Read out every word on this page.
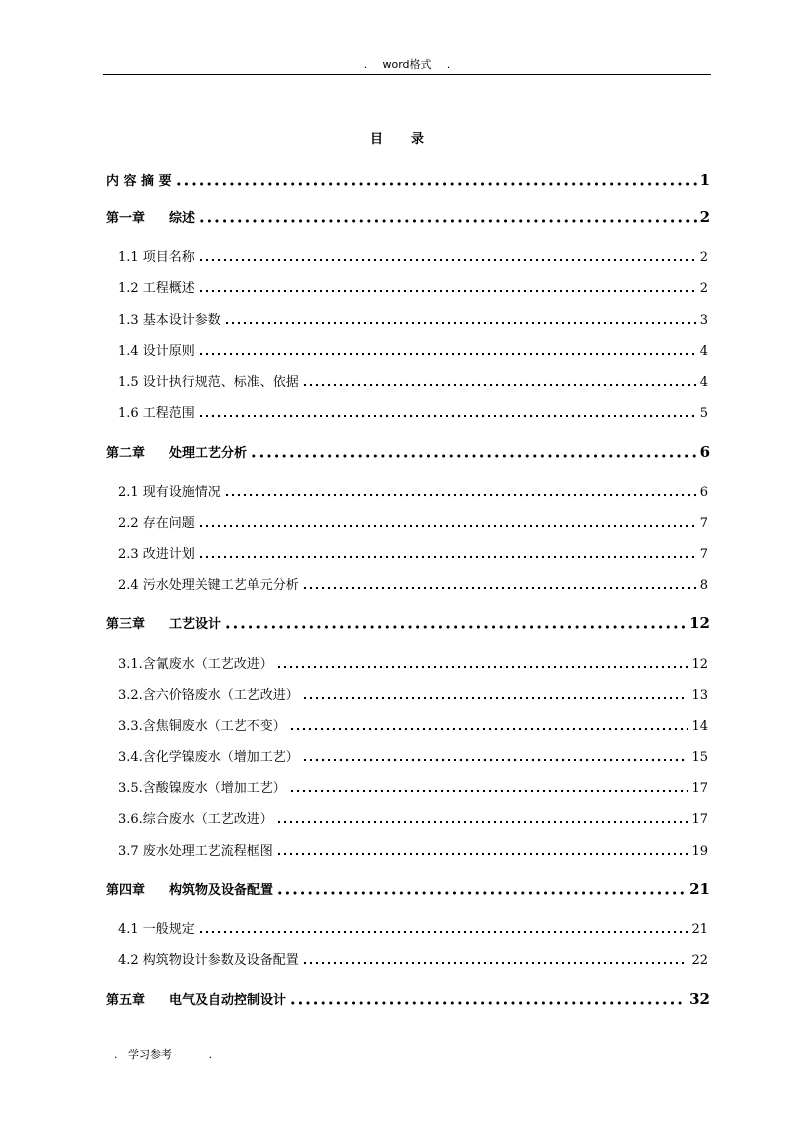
. word格式 .
目录
内 容 摘 要	1
第一章 综述	2
1.1 项目名称	2
1.2 工程概述	2
1.3 基本设计参数	3
1.4 设计原则	4
1.5 设计执行规范、标准、依据	4
1.6 工程范围	5
第二章 处理工艺分析	6
2.1 现有设施情况	6
2.2 存在问题	7
2.3 改进计划	7
2.4 污水处理关键工艺单元分析	8
第三章 工艺设计	12
3.1.含氰废水（工艺改进）	12
3.2.含六价铬废水（工艺改进）	13
3.3.含焦铜废水（工艺不变）	14
3.4.含化学镍废水（增加工艺）	15
3.5.含酸镍废水（增加工艺）	17
3.6.综合废水（工艺改进）	17
3.7 废水处理工艺流程框图	19
第四章 构筑物及设备配置	21
4.1 一般规定	21
4.2 构筑物设计参数及设备配置	22
第五章 电气及自动控制设计	32
. 学习参考	.
